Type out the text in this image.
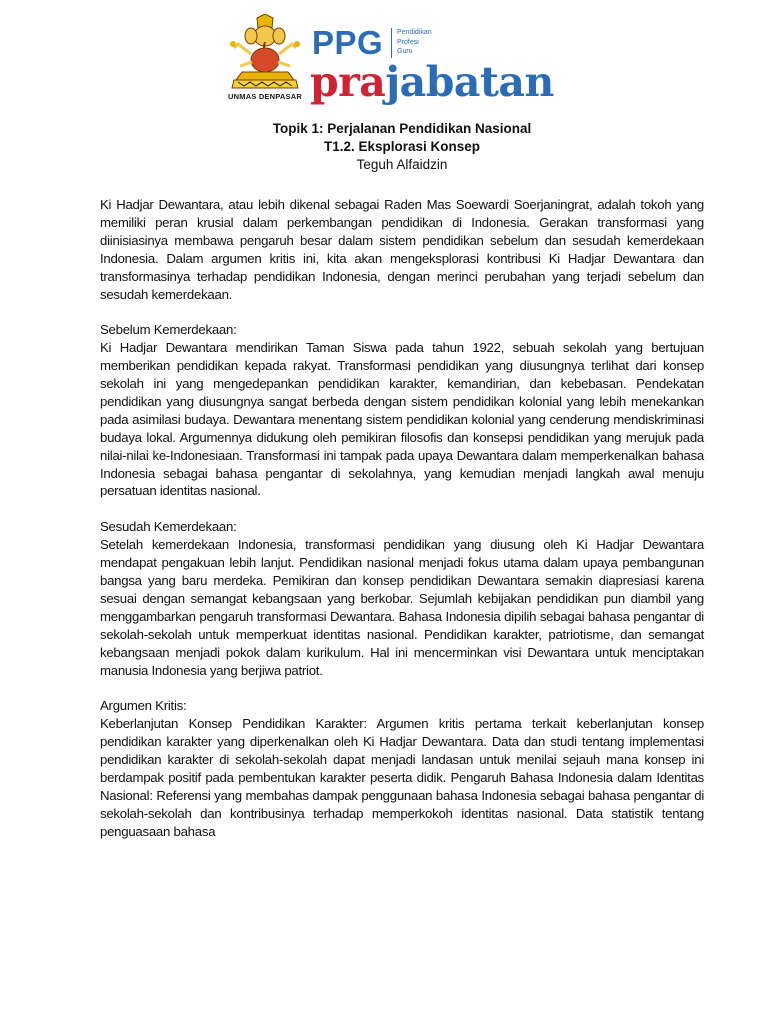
UNMAS DENPASAR
PPG Pendidikan
Profesi
Guru
prajabatan
Topik 1: Perjalanan Pendidikan Nasional
T1.2. Eksplorasi Konsep
Teguh Alfaidzin

Ki Hadjar Dewantara, atau lebih dikenal sebagai Raden Mas Soewardi Soerjaningrat, adalah tokoh yang memiliki peran krusial dalam perkembangan pendidikan di Indonesia. Gerakan transformasi yang diinisiasinya membawa pengaruh besar dalam sistem pendidikan sebelum dan sesudah kemerdekaan Indonesia. Dalam argumen kritis ini, kita akan mengeksplorasi kontribusi Ki Hadjar Dewantara dan transformasinya terhadap pendidikan Indonesia, dengan merinci perubahan yang terjadi sebelum dan sesudah kemerdekaan.

Sebelum Kemerdekaan:

Ki Hadjar Dewantara mendirikan Taman Siswa pada tahun 1922, sebuah sekolah yang bertujuan memberikan pendidikan kepada rakyat. Transformasi pendidikan yang diusungnya terlihat dari konsep sekolah ini yang mengedepankan pendidikan karakter, kemandirian, dan kebebasan. Pendekatan pendidikan yang diusungnya sangat berbeda dengan sistem pendidikan kolonial yang lebih menekankan pada asimilasi budaya. Dewantara menentang sistem pendidikan kolonial yang cenderung mendiskriminasi budaya lokal. Argumennya didukung oleh pemikiran filosofis dan konsepsi pendidikan yang merujuk pada nilai-nilai ke-Indonesiaan. Transformasi ini tampak pada upaya Dewantara dalam memperkenalkan bahasa Indonesia sebagai bahasa pengantar di sekolahnya, yang kemudian menjadi langkah awal menuju persatuan identitas nasional.

Sesudah Kemerdekaan:

Setelah kemerdekaan Indonesia, transformasi pendidikan yang diusung oleh Ki Hadjar Dewantara mendapat pengakuan lebih lanjut. Pendidikan nasional menjadi fokus utama dalam upaya pembangunan bangsa yang baru merdeka. Pemikiran dan konsep pendidikan Dewantara semakin diapresiasi karena sesuai dengan semangat kebangsaan yang berkobar. Sejumlah kebijakan pendidikan pun diambil yang menggambarkan pengaruh transformasi Dewantara. Bahasa Indonesia dipilih sebagai bahasa pengantar di sekolah-sekolah untuk memperkuat identitas nasional. Pendidikan karakter, patriotisme, dan semangat kebangsaan menjadi pokok dalam kurikulum. Hal ini mencerminkan visi Dewantara untuk menciptakan manusia Indonesia yang berjiwa patriot.

Argumen Kritis:

Keberlanjutan Konsep Pendidikan Karakter: Argumen kritis pertama terkait keberlanjutan konsep pendidikan karakter yang diperkenalkan oleh Ki Hadjar Dewantara. Data dan studi tentang implementasi pendidikan karakter di sekolah-sekolah dapat menjadi landasan untuk menilai sejauh mana konsep ini berdampak positif pada pembentukan karakter peserta didik. Pengaruh Bahasa Indonesia dalam Identitas Nasional: Referensi yang membahas dampak penggunaan bahasa Indonesia sebagai bahasa pengantar di sekolah-sekolah dan kontribusinya terhadap memperkokoh identitas nasional. Data statistik tentang penguasaan bahasa
